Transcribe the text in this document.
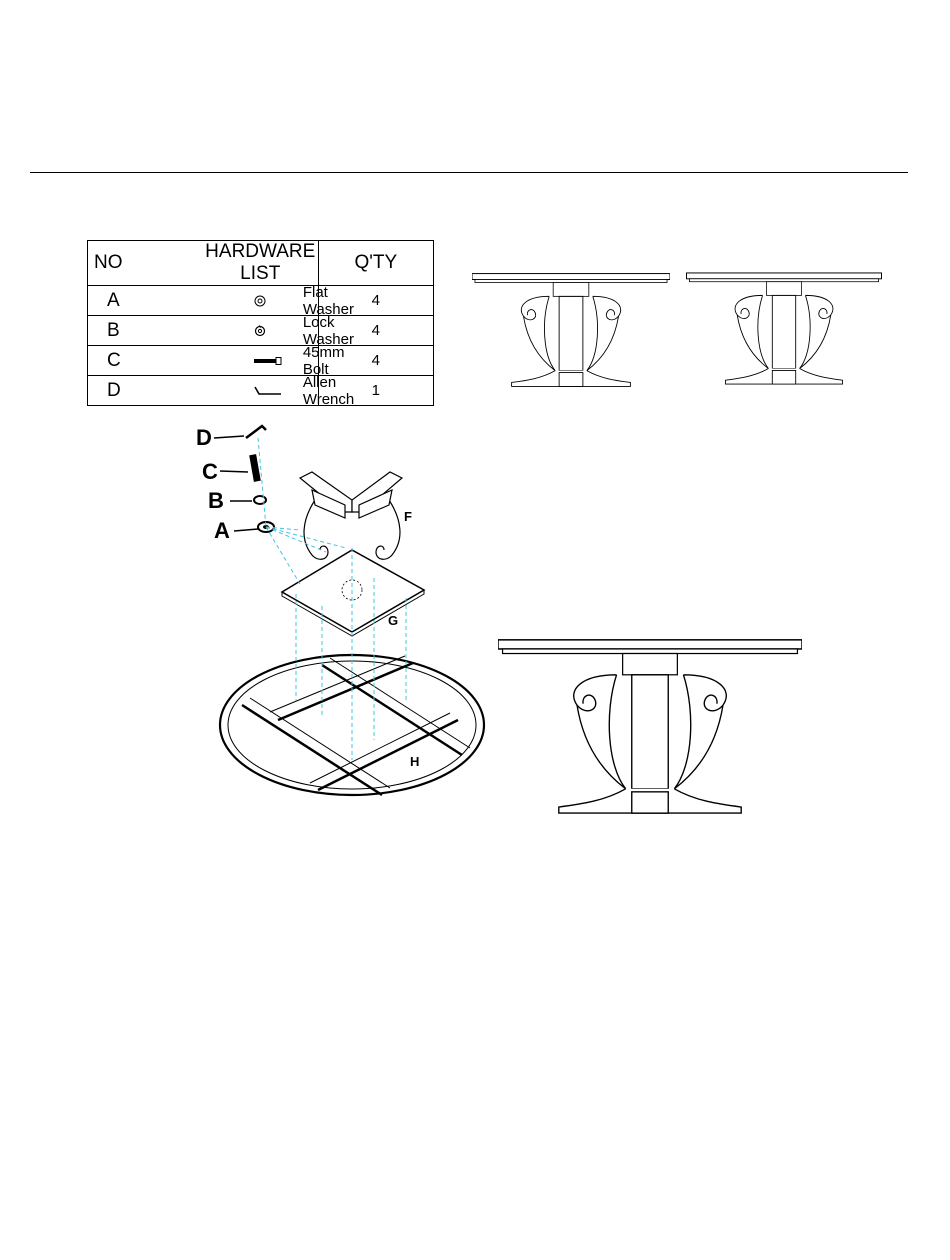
NO	HARDWARE LIST	Q'TY
A	Flat Washer	4
B	Lock Washer	4
C	45mm Bolt	4
D	Allen Wrench	1
D
C
B
A
F
G
H
